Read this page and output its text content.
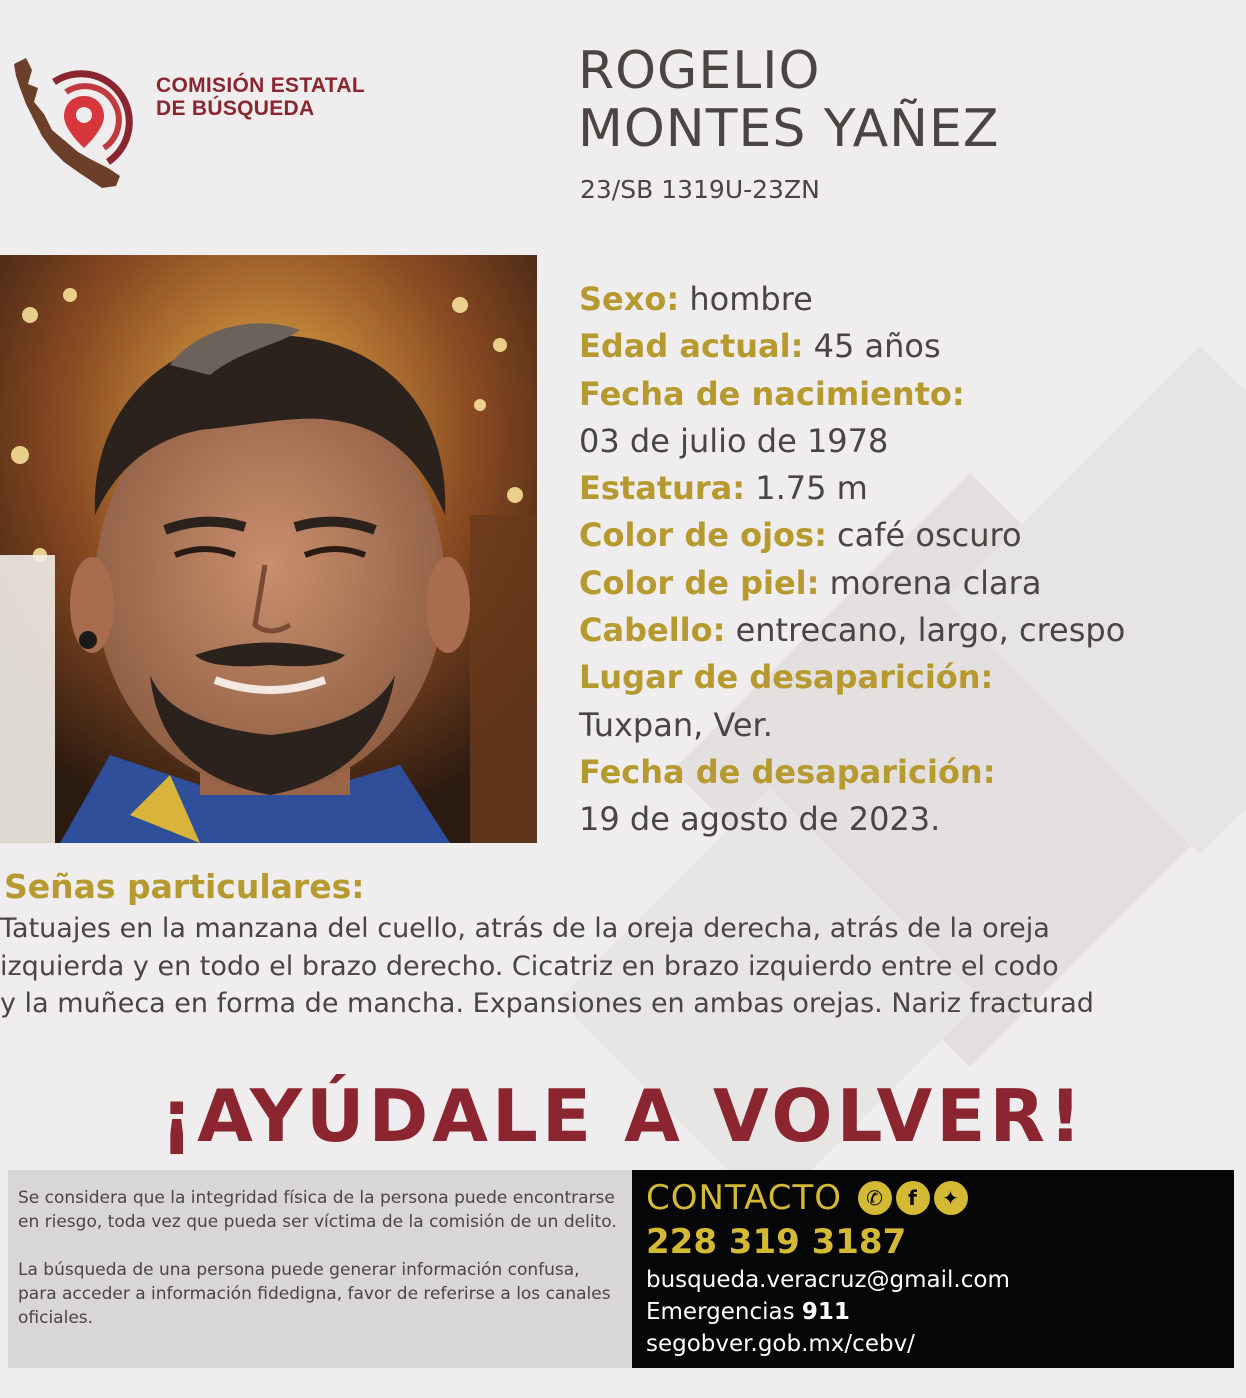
COMISIÓN ESTATAL
DE BÚSQUEDA
ROGELIO
MONTES YAÑEZ
23/SB 1319U-23ZN
Sexo: hombre
Edad actual: 45 años
Fecha de nacimiento:
03 de julio de 1978
Estatura: 1.75 m
Color de ojos: café oscuro
Color de piel: morena clara
Cabello: entrecano, largo, crespo
Lugar de desaparición:
Tuxpan, Ver.
Fecha de desaparición:
19 de agosto de 2023.
Señas particulares:
Tatuajes en la manzana del cuello, atrás de la oreja derecha, atrás de la oreja
izquierda y en todo el brazo derecho. Cicatriz en brazo izquierdo entre el codo
y la muñeca en forma de mancha. Expansiones en ambas orejas. Nariz fracturad
¡AYÚDALE A VOLVER!

Se considera que la integridad física de la persona puede encontrarse en riesgo, toda vez que pueda ser víctima de la comisión de un delito.

La búsqueda de una persona puede generar información confusa, para acceder a información fidedigna, favor de referirse a los canales oficiales.

CONTACTO	✆	f	✦
228 319 3187
busqueda.veracruz@gmail.com
Emergencias 911
segobver.gob.mx/cebv/
